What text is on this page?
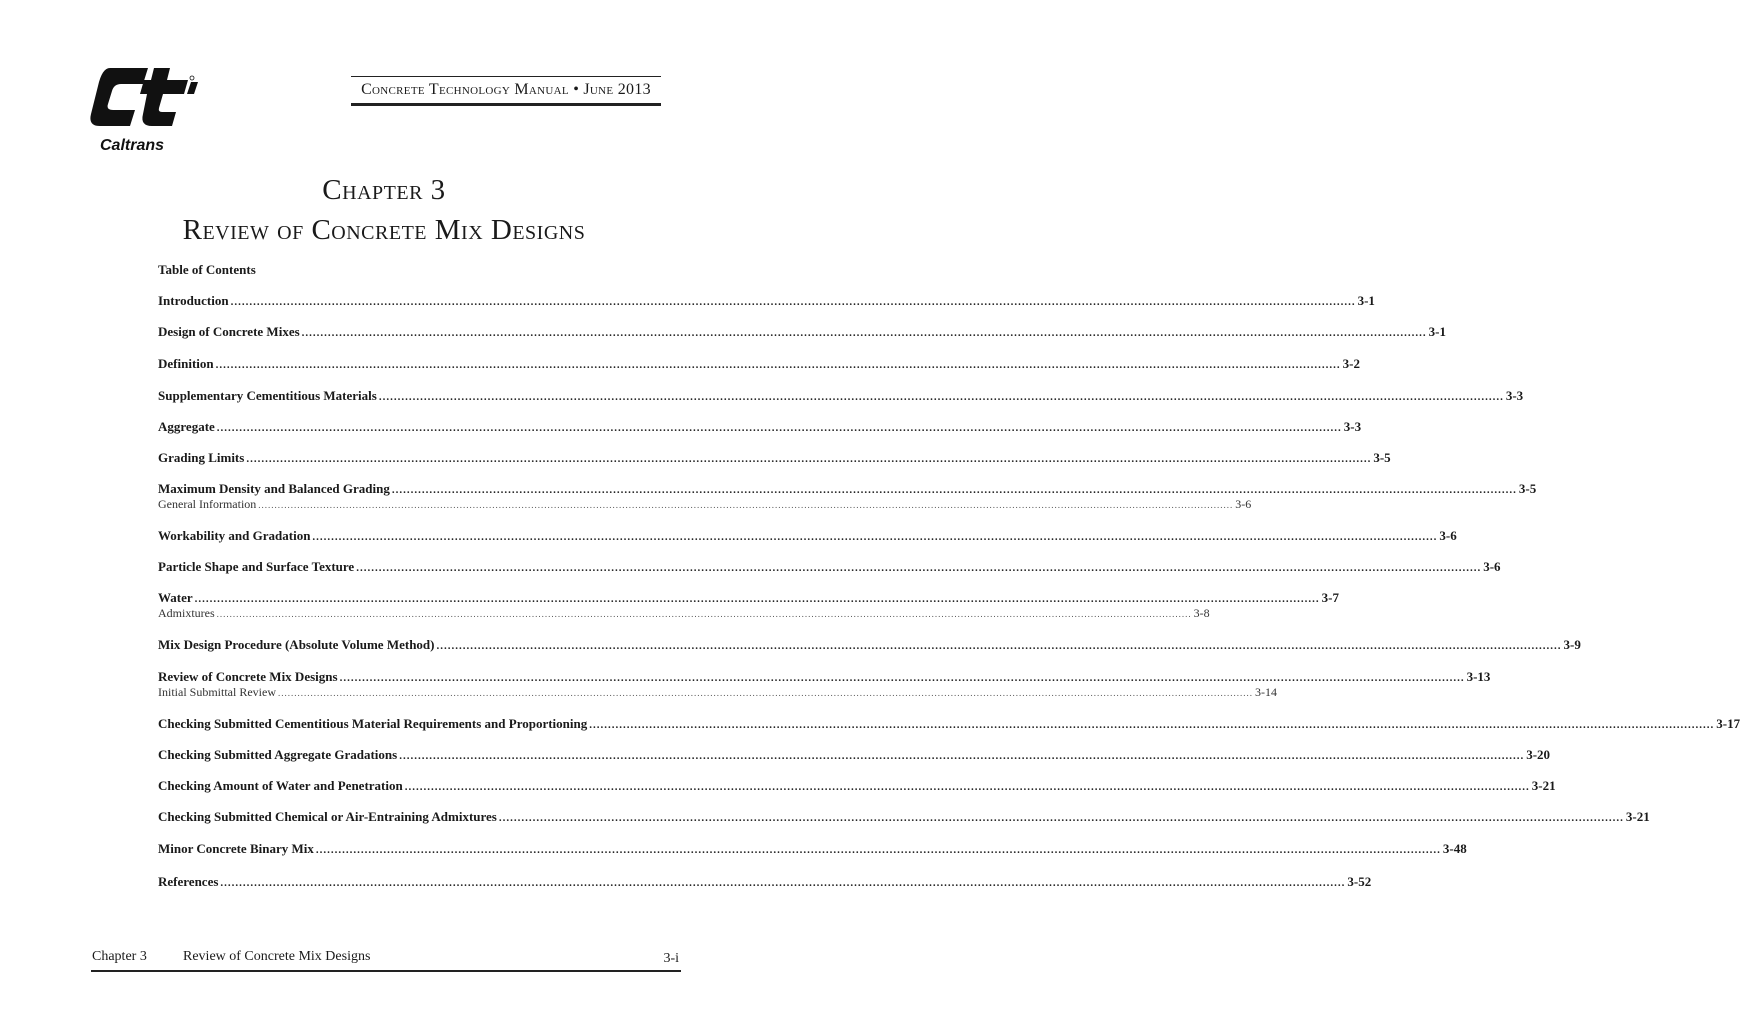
Caltrans
Concrete Technology Manual • June 2013
Chapter 3
Review of Concrete Mix Designs
Table of Contents
Introduction ............................................................................................................................................................................................................................................................................................................ 3-1
Design of Concrete Mixes ............................................................................................................................................................................................................................................................................................................ 3-1
Definition ............................................................................................................................................................................................................................................................................................................ 3-2
Supplementary Cementitious Materials ............................................................................................................................................................................................................................................................................................................ 3-3
Aggregate ............................................................................................................................................................................................................................................................................................................ 3-3
Grading Limits ............................................................................................................................................................................................................................................................................................................ 3-5
Maximum Density and Balanced Grading ............................................................................................................................................................................................................................................................................................................ 3-5
General Information ............................................................................................................................................................................................................................................................................................................ 3-6
Workability and Gradation ............................................................................................................................................................................................................................................................................................................ 3-6
Particle Shape and Surface Texture ............................................................................................................................................................................................................................................................................................................ 3-6
Water ............................................................................................................................................................................................................................................................................................................ 3-7
Admixtures ............................................................................................................................................................................................................................................................................................................ 3-8
Mix Design Procedure (Absolute Volume Method) ............................................................................................................................................................................................................................................................................................................ 3-9
Review of Concrete Mix Designs ............................................................................................................................................................................................................................................................................................................ 3-13
Initial Submittal Review ............................................................................................................................................................................................................................................................................................................ 3-14
Checking Submitted Cementitious Material Requirements and Proportioning ............................................................................................................................................................................................................................................................................................................ 3-17
Checking Submitted Aggregate Gradations ............................................................................................................................................................................................................................................................................................................ 3-20
Checking Amount of Water and Penetration ............................................................................................................................................................................................................................................................................................................ 3-21
Checking Submitted Chemical or Air-Entraining Admixtures ............................................................................................................................................................................................................................................................................................................ 3-21
Minor Concrete Binary Mix ............................................................................................................................................................................................................................................................................................................ 3-48
References ............................................................................................................................................................................................................................................................................................................ 3-52
Chapter 3	Review of Concrete Mix Designs	3-i
